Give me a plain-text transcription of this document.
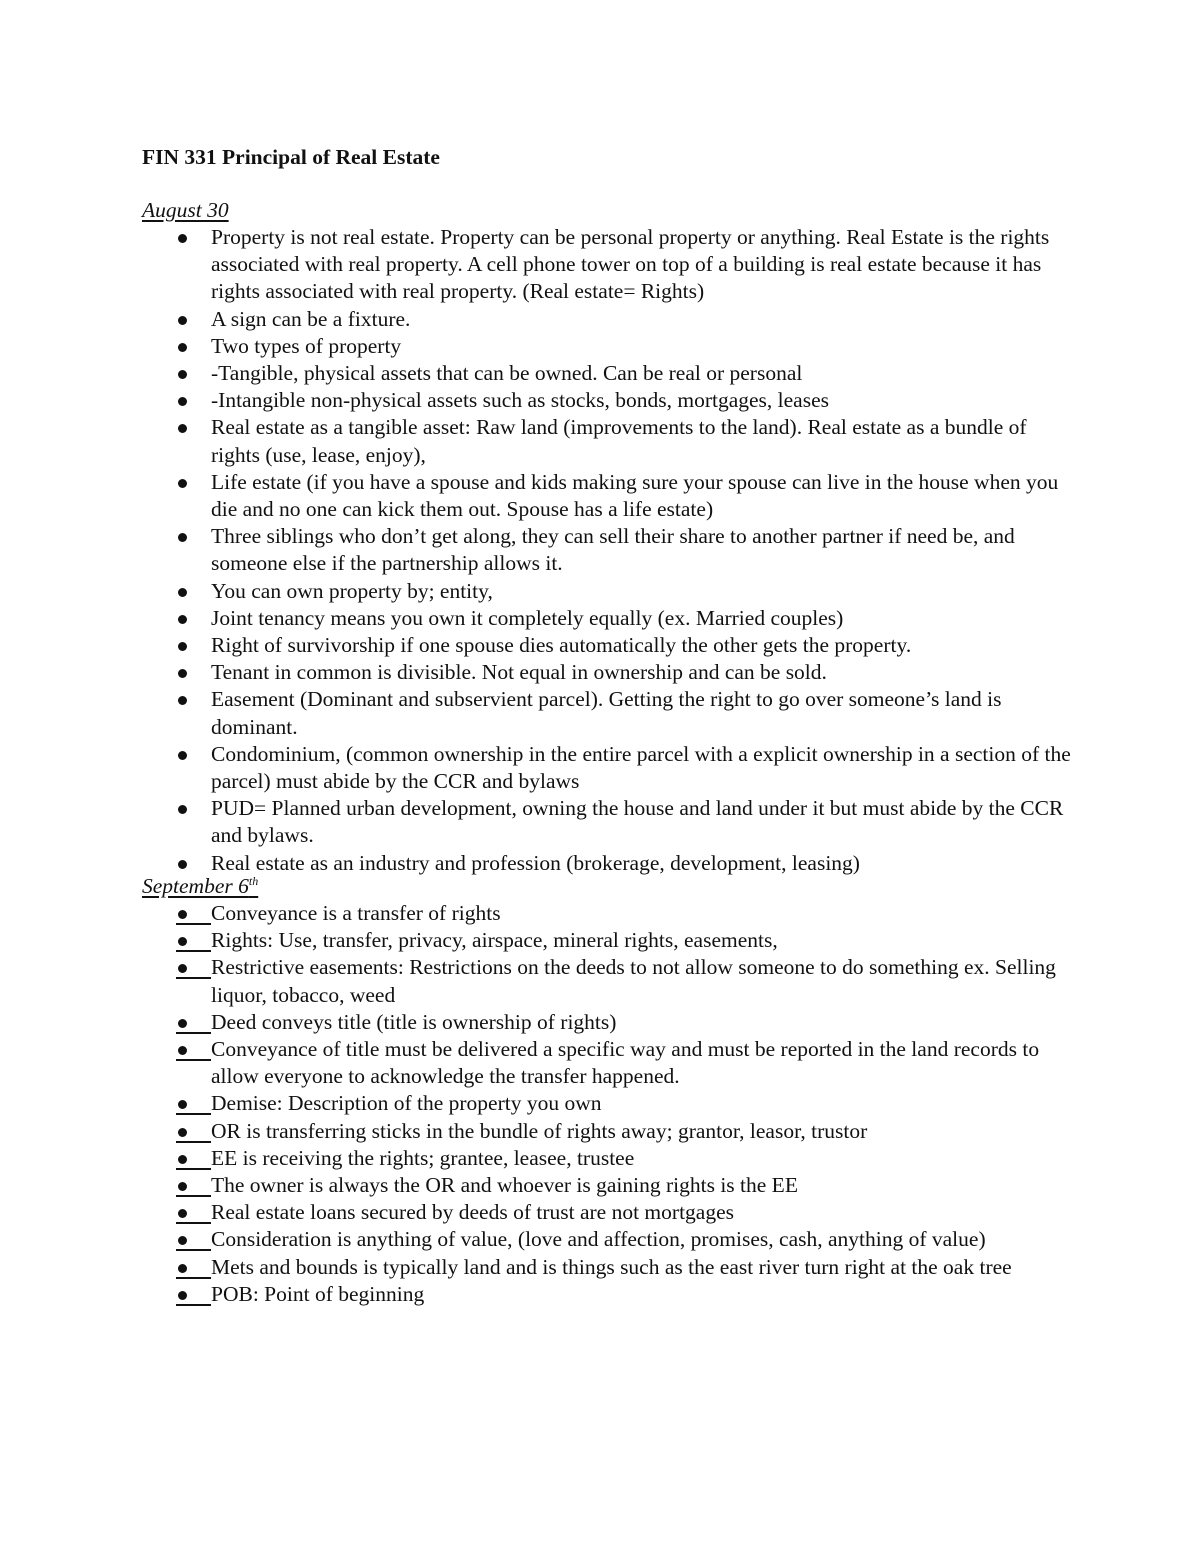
FIN 331 Principal of Real Estate
August 30
Property is not real estate. Property can be personal property or anything. Real Estate is the rights associated with real property. A cell phone tower on top of a building is real estate because it has rights associated with real property. (Real estate= Rights)
A sign can be a fixture.
Two types of property
-Tangible, physical assets that can be owned. Can be real or personal
-Intangible non-physical assets such as stocks, bonds, mortgages, leases
Real estate as a tangible asset: Raw land (improvements to the land). Real estate as a bundle of rights (use, lease, enjoy),
Life estate (if you have a spouse and kids making sure your spouse can live in the house when you die and no one can kick them out. Spouse has a life estate)
Three siblings who don’t get along, they can sell their share to another partner if need be, and someone else if the partnership allows it.
You can own property by; entity,
Joint tenancy means you own it completely equally (ex. Married couples)
Right of survivorship if one spouse dies automatically the other gets the property.
Tenant in common is divisible. Not equal in ownership and can be sold.
Easement (Dominant and subservient parcel). Getting the right to go over someone’s land is dominant.
Condominium, (common ownership in the entire parcel with a explicit ownership in a section of the parcel) must abide by the CCR and bylaws
PUD= Planned urban development, owning the house and land under it but must abide by the CCR and bylaws.
Real estate as an industry and profession (brokerage, development, leasing)
September 6th
Conveyance is a transfer of rights
Rights: Use, transfer, privacy, airspace, mineral rights, easements,
Restrictive easements: Restrictions on the deeds to not allow someone to do something ex. Selling liquor, tobacco, weed
Deed conveys title (title is ownership of rights)
Conveyance of title must be delivered a specific way and must be reported in the land records to allow everyone to acknowledge the transfer happened.
Demise: Description of the property you own
OR is transferring sticks in the bundle of rights away; grantor, leasor, trustor
EE is receiving the rights; grantee, leasee, trustee
The owner is always the OR and whoever is gaining rights is the EE
Real estate loans secured by deeds of trust are not mortgages
Consideration is anything of value, (love and affection, promises, cash, anything of value)
Mets and bounds is typically land and is things such as the east river turn right at the oak tree
POB: Point of beginning
